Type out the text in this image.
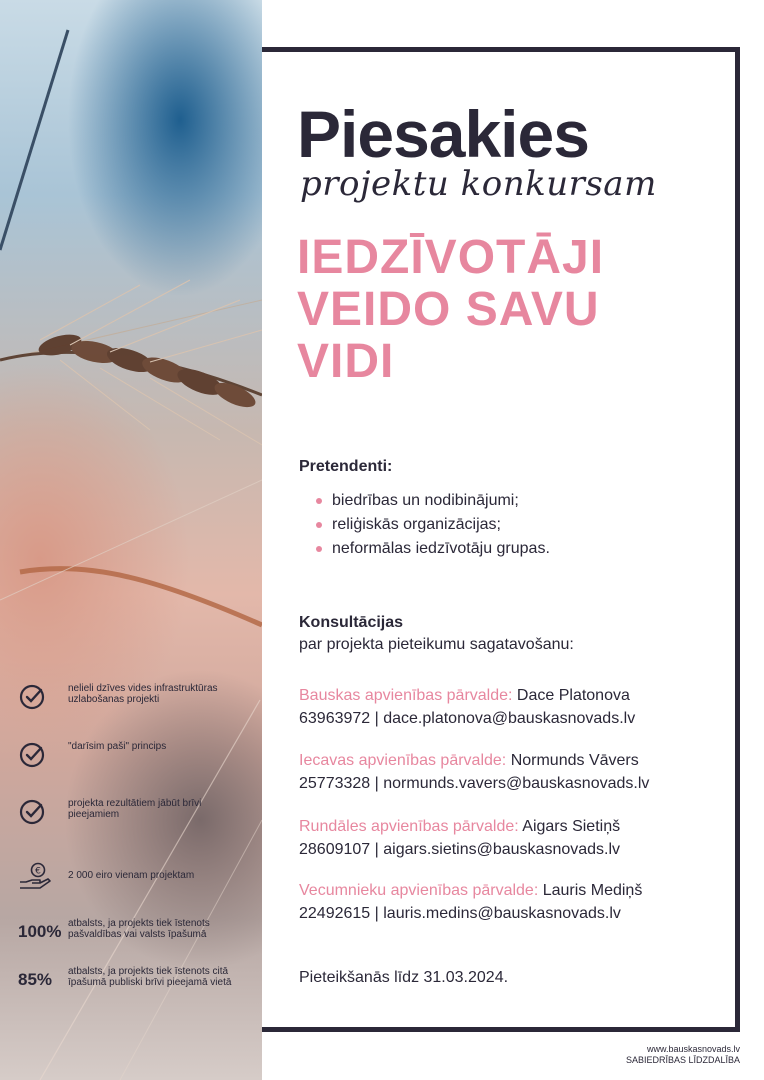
nelieli dzīves vides infrastruktūras
uzlabošanas projekti
"darīsim paši" princips
projekta rezultātiem jābūt brīvi
pieejamiem
€	2 000 eiro vienam projektam
100% atbalsts, ja projekts tiek īstenots
pašvaldības vai valsts īpašumā
85%	atbalsts, ja projekts tiek īstenots citā
īpašumā publiski brīvi pieejamā vietā
Piesakies
projektu konkursam
IEDZĪVOTĀJI
VEIDO SAVU
VIDI
Pretendenti:
biedrības un nodibinājumi;
reliģiskās organizācijas;
neformālas iedzīvotāju grupas.
Konsultācijas
par projekta pieteikumu sagatavošanu:
Bauskas apvienības pārvalde: Dace Platonova
63963972 | dace.platonova@bauskasnovads.lv
Iecavas apvienības pārvalde: Normunds Vāvers
25773328 | normunds.vavers@bauskasnovads.lv
Rundāles apvienības pārvalde: Aigars Sietiņš
28609107 | aigars.sietins@bauskasnovads.lv
Vecumnieku apvienības pārvalde: Lauris Mediņš
22492615 | lauris.medins@bauskasnovads.lv
Pieteikšanās līdz 31.03.2024.
www.bauskasnovads.lv
SABIEDRĪBAS LĪDZDALĪBA
